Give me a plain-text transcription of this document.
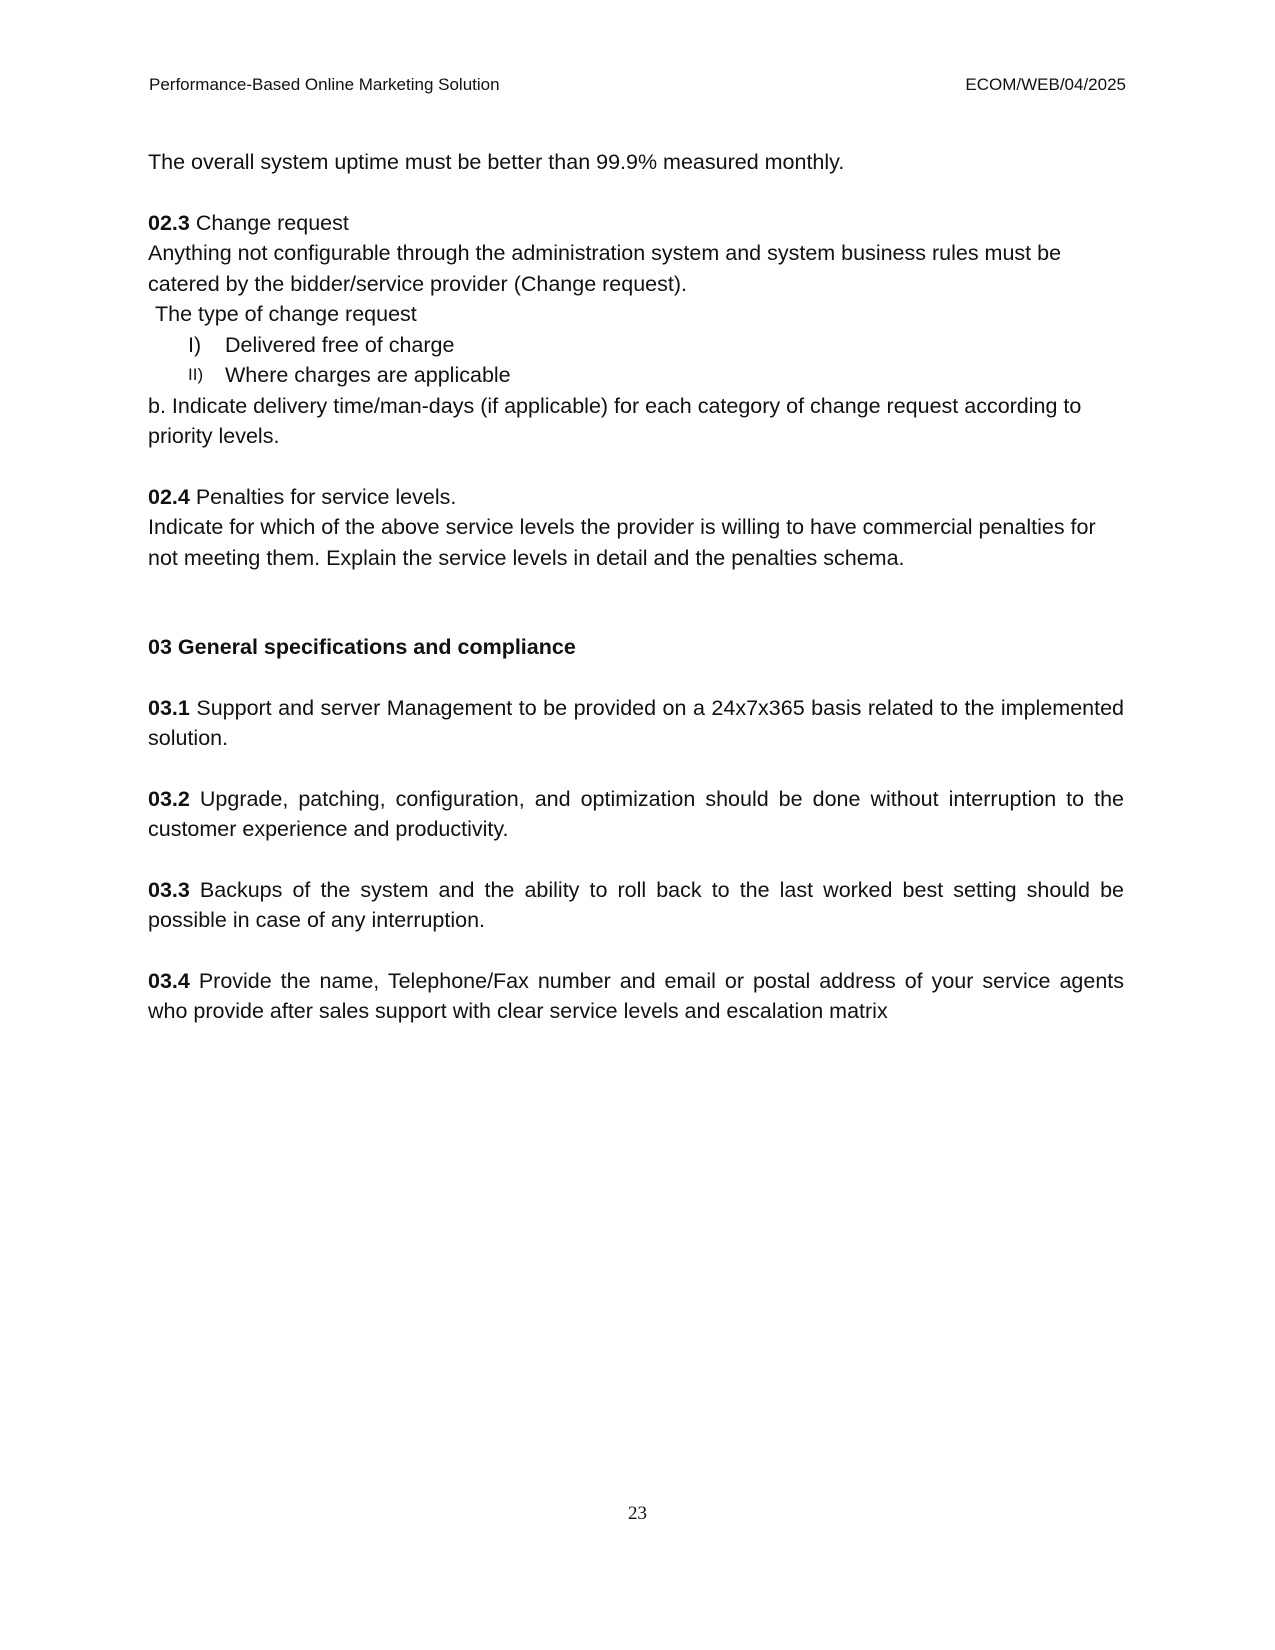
Performance-Based Online Marketing Solution	ECOM/WEB/04/2025

The overall system uptime must be better than 99.9% measured monthly.

02.3 Change request

Anything not configurable through the administration system and system business rules must be catered by the bidder/service provider (Change request).

The type of change request

I) Delivered free of charge
II) Where charges are applicable

b. Indicate delivery time/man-days (if applicable) for each category of change request according to priority levels.

02.4 Penalties for service levels.

Indicate for which of the above service levels the provider is willing to have commercial penalties for not meeting them. Explain the service levels in detail and the penalties schema.

03 General specifications and compliance

03.1 Support and server Management to be provided on a 24x7x365 basis related to the implemented solution.

03.2 Upgrade, patching, configuration, and optimization should be done without interruption to the customer experience and productivity.

03.3 Backups of the system and the ability to roll back to the last worked best setting should be possible in case of any interruption.

03.4 Provide the name, Telephone/Fax number and email or postal address of your service agents who provide after sales support with clear service levels and escalation matrix

23
